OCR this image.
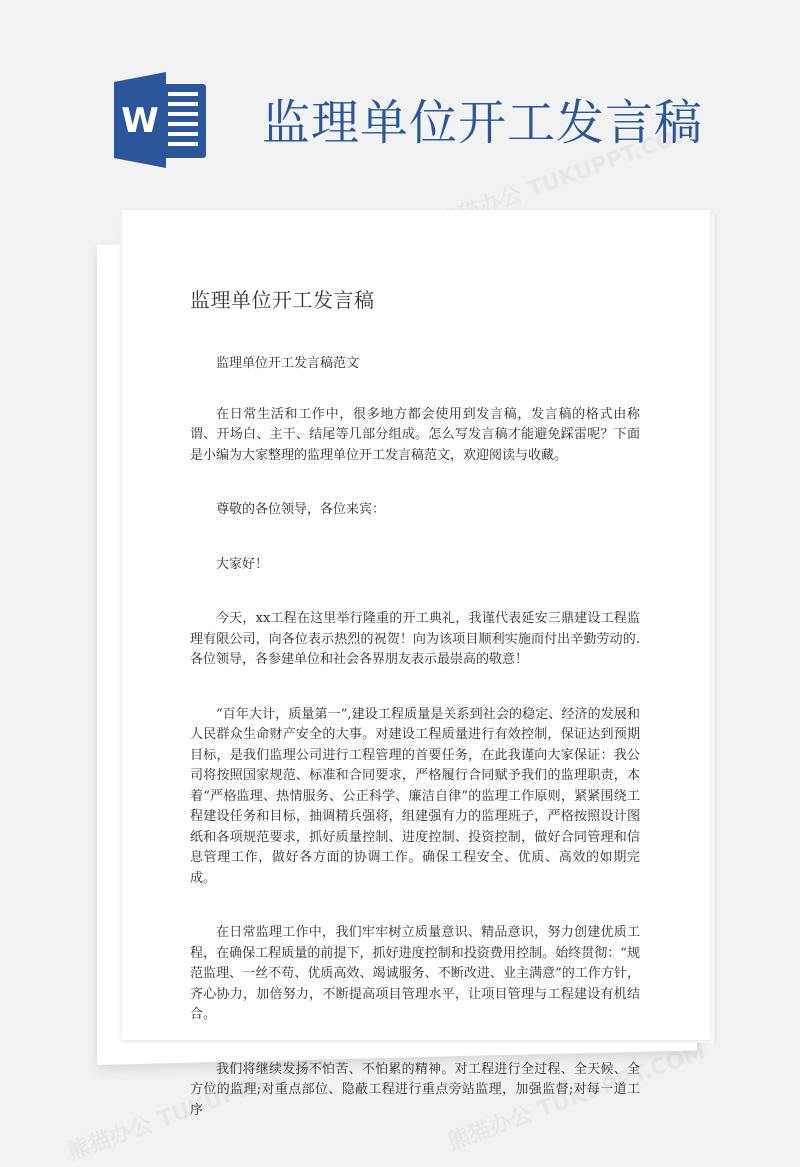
W 监理单位开工发言稿
监理单位开工发言稿

监理单位开工发言稿范文

在日常生活和工作中，很多地方都会使用到发言稿，发言稿的格式由称谓、开场白、主干、结尾等几部分组成。怎么写发言稿才能避免踩雷呢？下面是小编为大家整理的监理单位开工发言稿范文，欢迎阅读与收藏。

尊敬的各位领导，各位来宾：

大家好！

今天，xx工程在这里举行隆重的开工典礼，我谨代表延安三鼎建设工程监理有限公司，向各位表示热烈的祝贺！向为该项目顺利实施而付出辛勤劳动的.各位领导，各参建单位和社会各界朋友表示最崇高的敬意！

“百年大计，质量第一”,建设工程质量是关系到社会的稳定、经济的发展和人民群众生命财产安全的大事。对建设工程质量进行有效控制，保证达到预期目标，是我们监理公司进行工程管理的首要任务，在此我谨向大家保证：我公司将按照国家规范、标准和合同要求，严格履行合同赋予我们的监理职责，本着“严格监理、热情服务、公正科学、廉洁自律”的监理工作原则，紧紧围绕工程建设任务和目标，抽调精兵强将，组建强有力的监理班子，严格按照设计图纸和各项规范要求，抓好质量控制、进度控制、投资控制，做好合同管理和信息管理工作，做好各方面的协调工作。确保工程安全、优质、高效的如期完成。

在日常监理工作中，我们牢牢树立质量意识、精品意识，努力创建优质工程，在确保工程质量的前提下，抓好进度控制和投资费用控制。始终贯彻：“规范监理、一丝不苟、优质高效、竭诚服务、不断改进、业主满意”的工作方针，齐心协力，加倍努力，不断提高项目管理水平，让项目管理与工程建设有机结合。

我们将继续发扬不怕苦、不怕累的精神。对工程进行全过程、全天候、全方位的监理;对重点部位、隐蔽工程进行重点旁站监理，加强监督;对每一道工序
